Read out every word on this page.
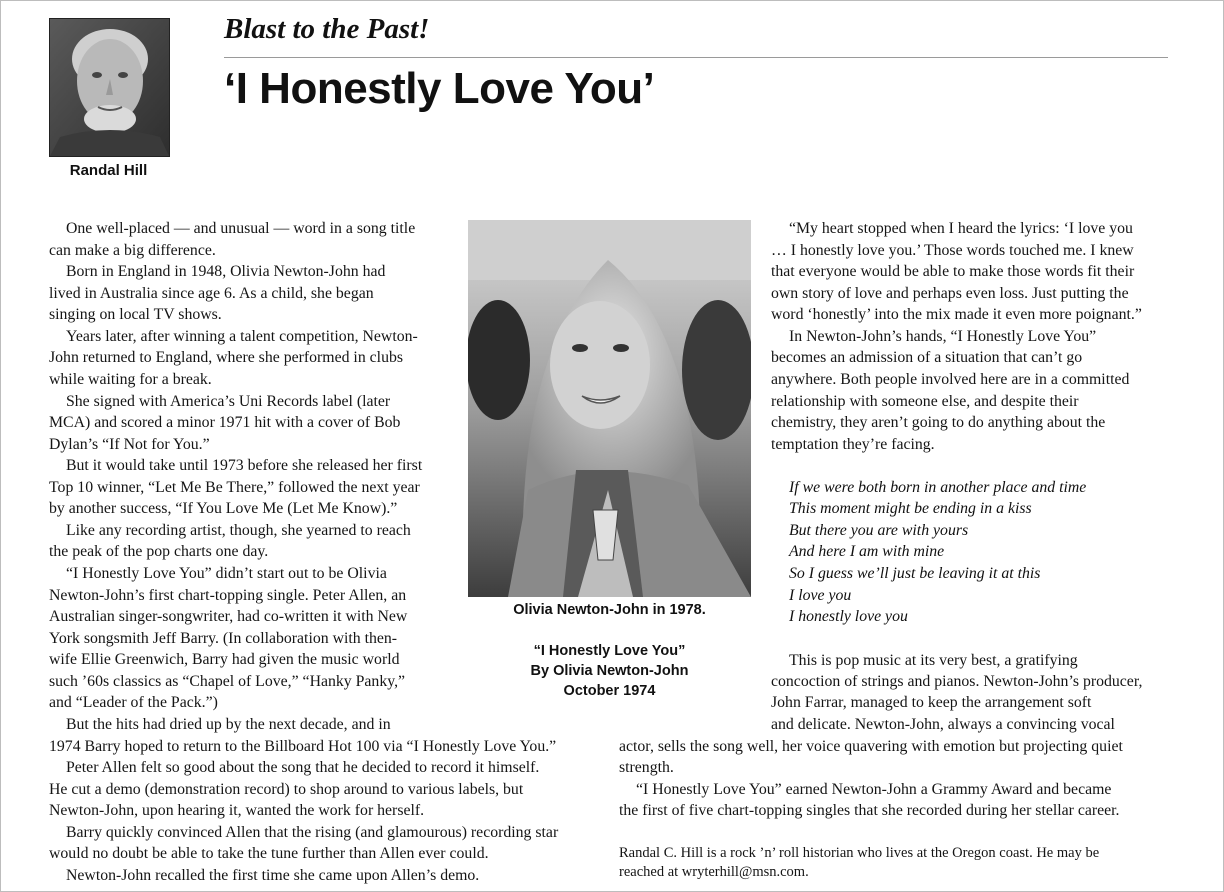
Randal Hill
Blast to the Past!
‘I Honestly Love You’
One well-placed — and unusual — word in a song title
can make a big difference.
Born in England in 1948, Olivia Newton-John had
lived in Australia since age 6. As a child, she began
singing on local TV shows.
Years later, after winning a talent competition, Newton-
John returned to England, where she performed in clubs
while waiting for a break.
She signed with America’s Uni Records label (later
MCA) and scored a minor 1971 hit with a cover of Bob
Dylan’s “If Not for You.”
But it would take until 1973 before she released her first
Top 10 winner, “Let Me Be There,” followed the next year
by another success, “If You Love Me (Let Me Know).”
Like any recording artist, though, she yearned to reach
the peak of the pop charts one day.
“I Honestly Love You” didn’t start out to be Olivia
Newton-John’s first chart-topping single. Peter Allen, an
Australian singer-songwriter, had co-written it with New
York songsmith Jeff Barry. (In collaboration with then-
wife Ellie Greenwich, Barry had given the music world
such ’60s classics as “Chapel of Love,” “Hanky Panky,”
and “Leader of the Pack.”)
But the hits had dried up by the next decade, and in
1974 Barry hoped to return to the Billboard Hot 100 via “I Honestly Love You.”
Peter Allen felt so good about the song that he decided to record it himself.
He cut a demo (demonstration record) to shop around to various labels, but
Newton-John, upon hearing it, wanted the work for herself.
Barry quickly convinced Allen that the rising (and glamourous) recording star
would no doubt be able to take the tune further than Allen ever could.
Newton-John recalled the first time she came upon Allen’s demo.
Olivia Newton-John in 1978.
“I Honestly Love You”
By Olivia Newton-John
October 1974
“My heart stopped when I heard the lyrics: ‘I love you
… I honestly love you.’ Those words touched me. I knew
that everyone would be able to make those words fit their
own story of love and perhaps even loss. Just putting the
word ‘honestly’ into the mix made it even more poignant.”
In Newton-John’s hands, “I Honestly Love You”
becomes an admission of a situation that can’t go
anywhere. Both people involved here are in a committed
relationship with someone else, and despite their
chemistry, they aren’t going to do anything about the
temptation they’re facing.
If we were both born in another place and time
This moment might be ending in a kiss
But there you are with yours
And here I am with mine
So I guess we’ll just be leaving it at this
I love you
I honestly love you
This is pop music at its very best, a gratifying
concoction of strings and pianos. Newton-John’s producer,
John Farrar, managed to keep the arrangement soft
and delicate. Newton-John, always a convincing vocal
actor, sells the song well, her voice quavering with emotion but projecting quiet
strength.
“I Honestly Love You” earned Newton-John a Grammy Award and became
the first of five chart-topping singles that she recorded during her stellar career.
Randal C. Hill is a rock ’n’ roll historian who lives at the Oregon coast. He may be
reached at wryterhill@msn.com.
